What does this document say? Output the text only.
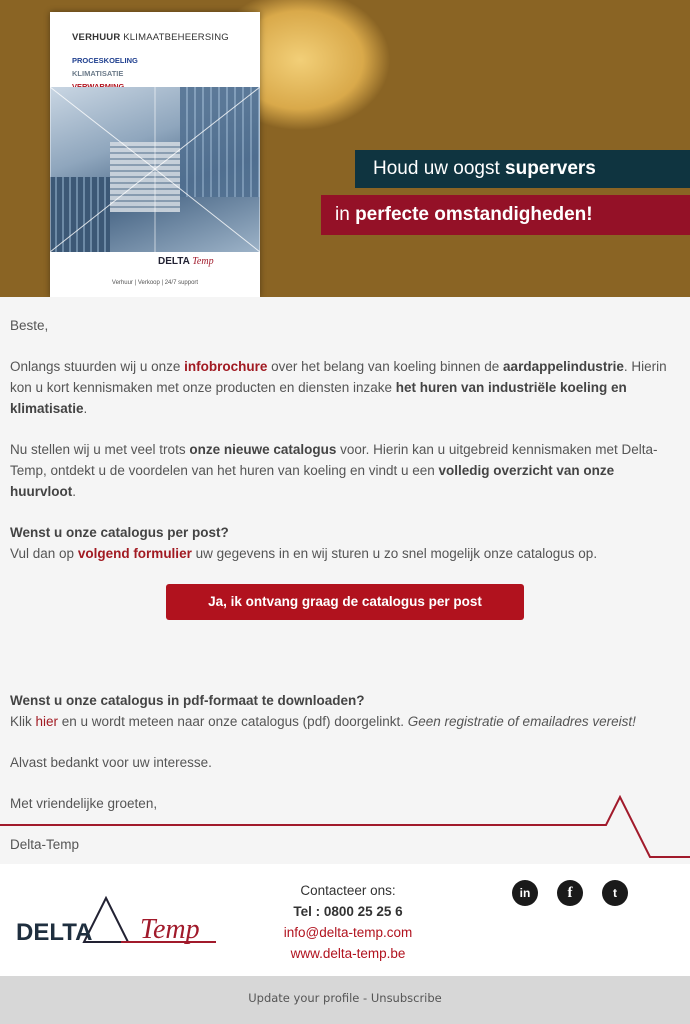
VERHUUR KLIMAATBEHEERSING
PROCESKOELING
KLIMATISATIE
DELTA Temp
Verhuur | Verkoop | 24/7 support
Houd uw oogst supervers
in perfecte omstandigheden!

Beste,

Onlangs stuurden wij u onze infobrochure over het belang van koeling binnen de aardappelindustrie. Hierin kon u kort kennismaken met onze producten en diensten inzake het huren van industriële koeling en klimatisatie.

Nu stellen wij u met veel trots onze nieuwe catalogus voor. Hierin kan u uitgebreid kennismaken met Delta-Temp, ontdekt u de voordelen van het huren van koeling en vindt u een volledig overzicht van onze huurvloot.

Wenst u onze catalogus per post?
Vul dan op volgend formulier uw gegevens in en wij sturen u zo snel mogelijk onze catalogus op.

Ja, ik ontvang graag de catalogus per post

Wenst u onze catalogus in pdf-formaat te downloaden?
Klik hier en u wordt meteen naar onze catalogus (pdf) doorgelinkt. Geen registratie of emailadres vereist!

Alvast bedankt voor uw interesse.

Met vriendelijke groeten,

Delta-Temp

DELTA Temp
Contacteer ons:
Tel : 0800 25 25 6
info@delta-temp.com
www.delta-temp.be
in	f	t
Update your profile - Unsubscribe
